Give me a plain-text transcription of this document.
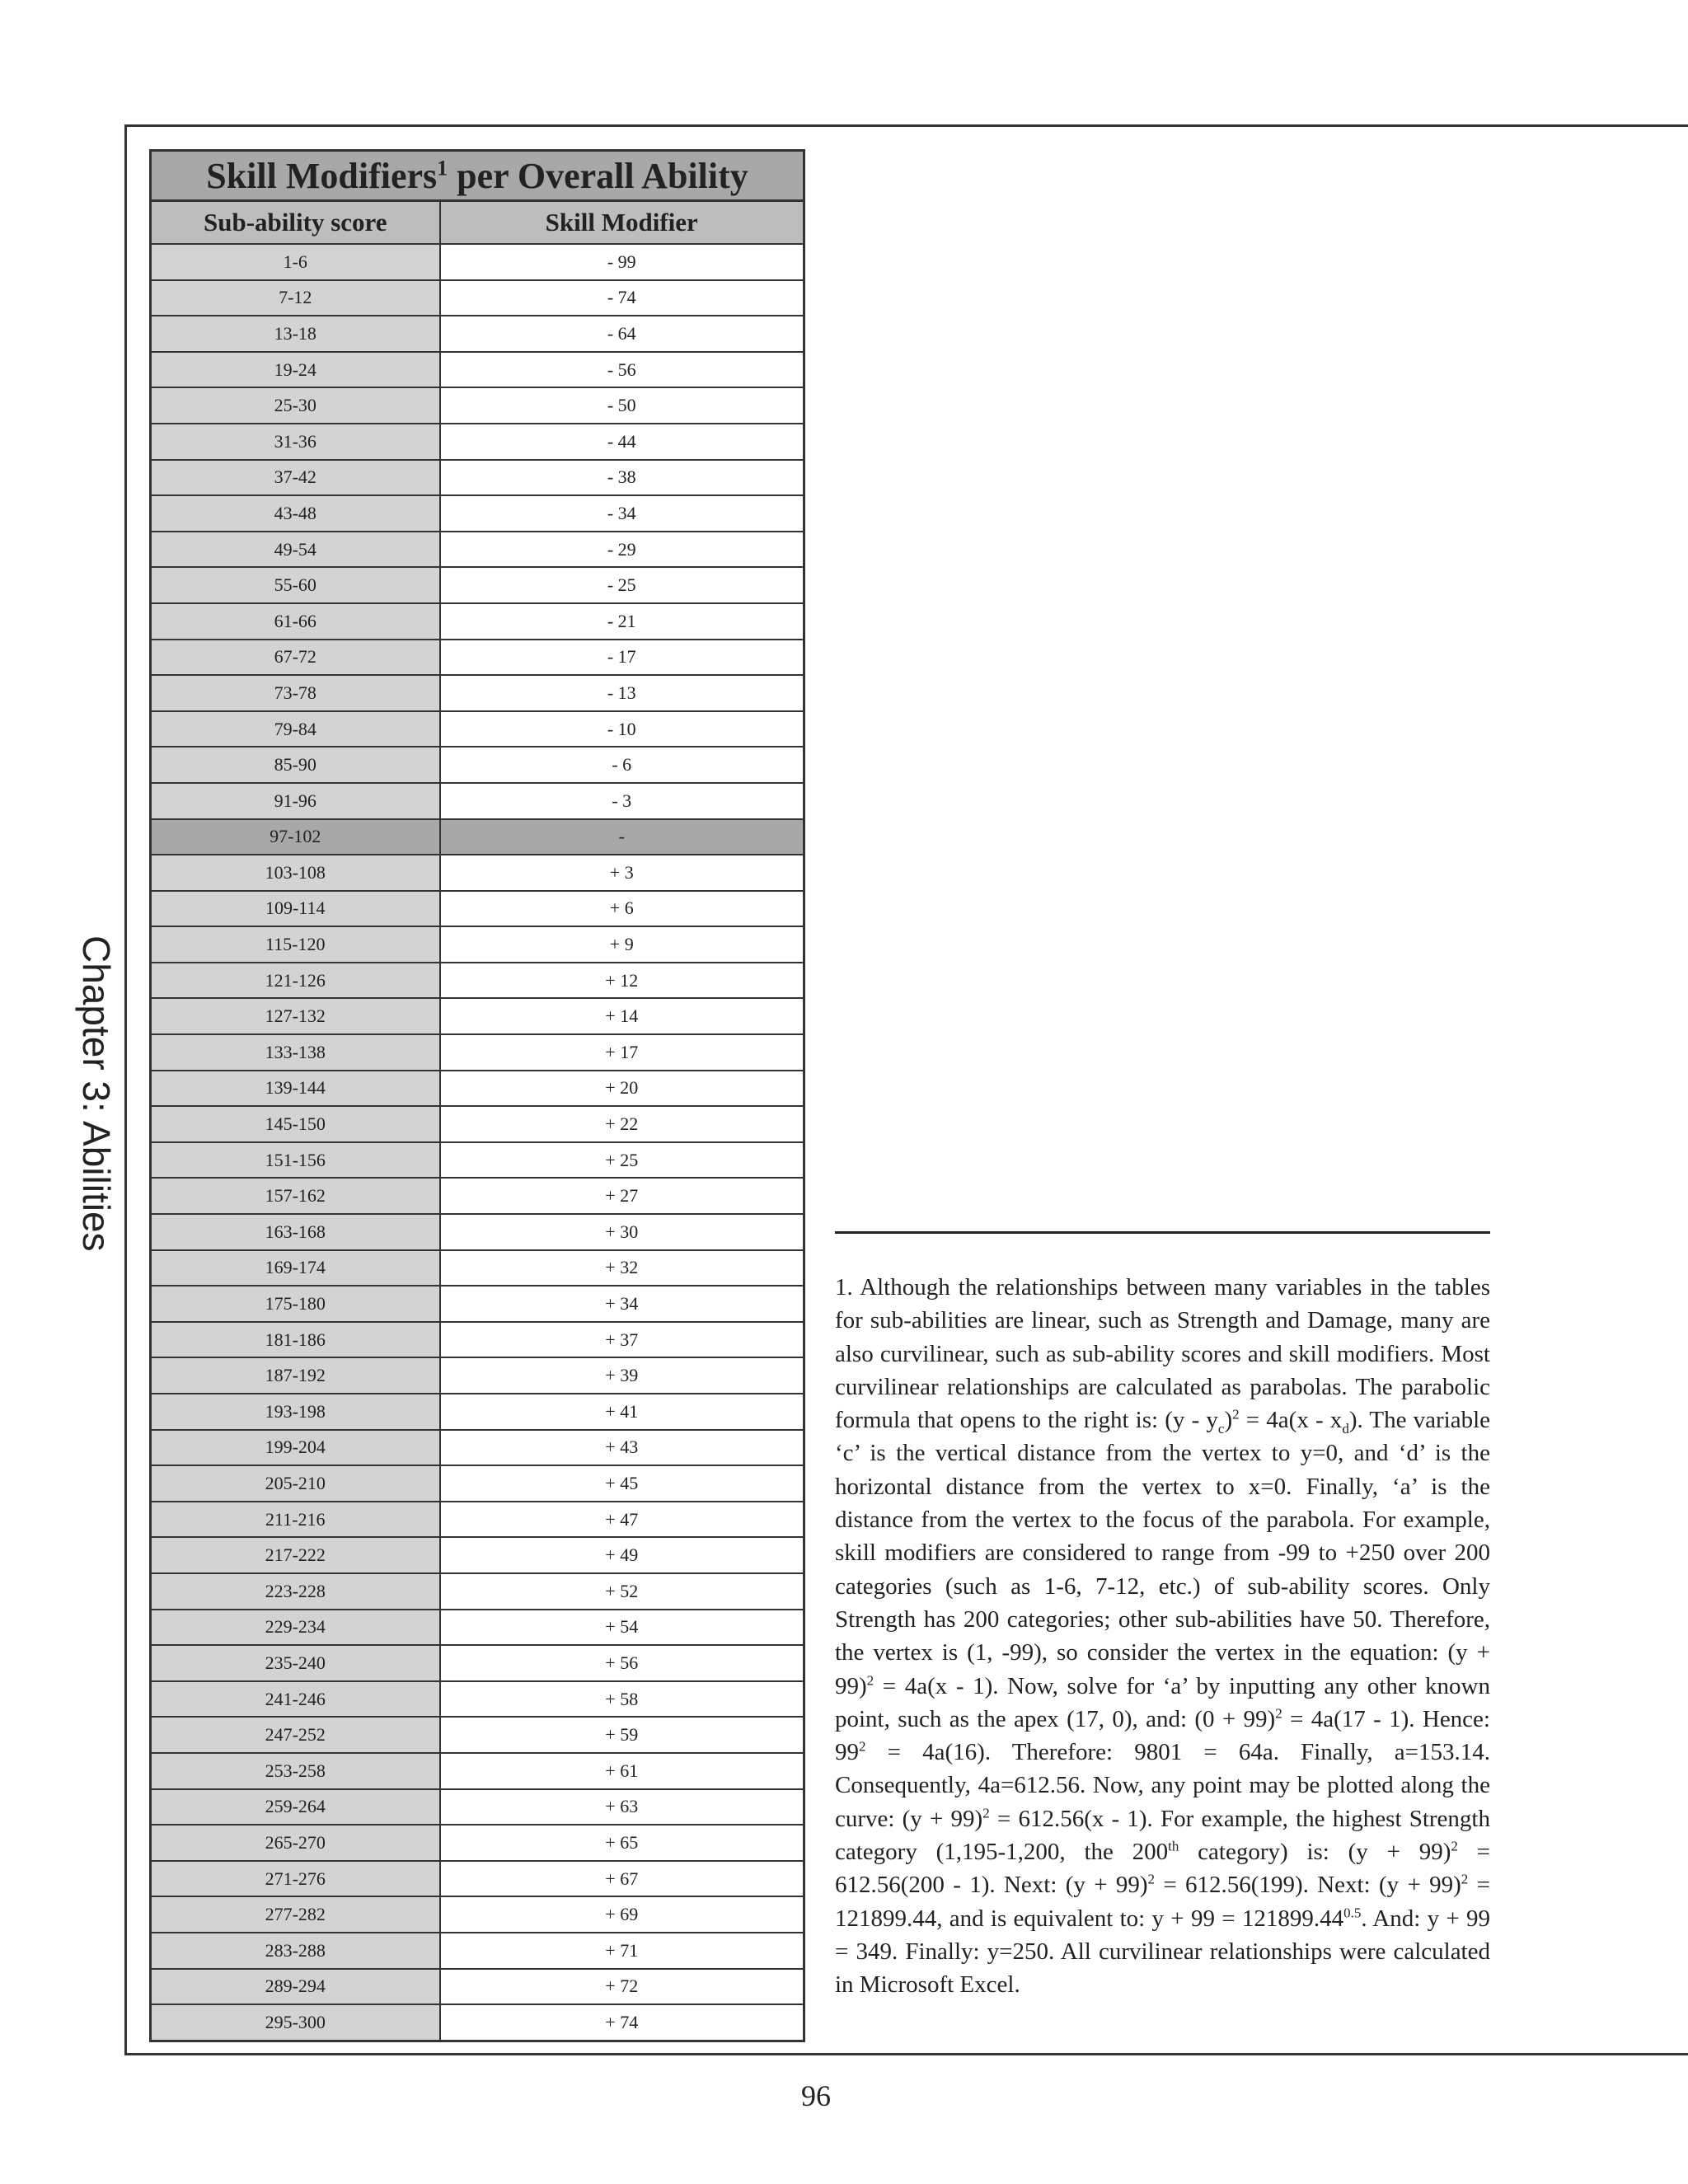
Chapter 3: Abilities
Skill Modifiers$^1$ per Overall Ability	
Sub-ability score	Skill Modifier
1-6	- 99
7-12	- 74
13-18	- 64
19-24	- 56
25-30	- 50
31-36	- 44
37-42	- 38
43-48	- 34
49-54	- 29
55-60	- 25
61-66	- 21
67-72	- 17
73-78	- 13
79-84	- 10
85-90	- 6
91-96	- 3
97-102	-
103-108	+ 3
109-114	+ 6
115-120	+ 9
121-126	+ 12
127-132	+ 14
133-138	+ 17
139-144	+ 20
145-150	+ 22
151-156	+ 25
157-162	+ 27
163-168	+ 30
169-174	+ 32
175-180	+ 34
181-186	+ 37
187-192	+ 39
193-198	+ 41
199-204	+ 43
205-210	+ 45
211-216	+ 47
217-222	+ 49
223-228	+ 52
229-234	+ 54
235-240	+ 56
241-246	+ 58
247-252	+ 59
253-258	+ 61
259-264	+ 63
265-270	+ 65
271-276	+ 67
277-282	+ 69
283-288	+ 71
289-294	+ 72
295-300	+ 74
1. Although the relationships between many variables in the tables for sub-abilities are linear, such as Strength and Damage, many are also curvilinear, such as sub-ability scores and skill modifiers. Most curvilinear relationships are calculated as parabolas. The parabolic formula that opens to the right is: $(y - y_c)^2 = 4a(x - x_d)$. The variable ‘c’ is the vertical distance from the vertex to y=0, and ‘d’ is the horizontal distance from the vertex to x=0. Finally, ‘a’ is the distance from the vertex to the focus of the parabola. For example, skill modifiers are considered to range from -99 to +250 over 200 categories (such as 1-6, 7-12, etc.) of sub-ability scores. Only Strength has 200 categories; other sub-abilities have 50. Therefore, the vertex is (1, -99), so consider the vertex in the equation: $(y + 99)^2 = 4a(x - 1)$. Now, solve for ‘a’ by inputting any other known point, such as the apex (17, 0), and: $(0 + 99)^2 = 4a(17 - 1)$. Hence: $99^2 = 4a(16)$. Therefore: 9801 = 64a. Finally, a=153.14. Consequently, 4a=612.56. Now, any point may be plotted along the curve: $(y + 99)^2 = 612.56(x - 1)$. For example, the highest Strength category (1,195-1,200, the 200th category) is: $(y + 99)^2 = 612.56(200 - 1)$. Next: $(y + 99)^2 = 612.56(199)$. Next: $(y + 99)^2 = 121899.44$, and is equivalent to: $y + 99 = 121899.44^{0.5}$. And: y + 99 = 349. Finally: y=250. All curvilinear relationships were calculated in Microsoft Excel.
96
